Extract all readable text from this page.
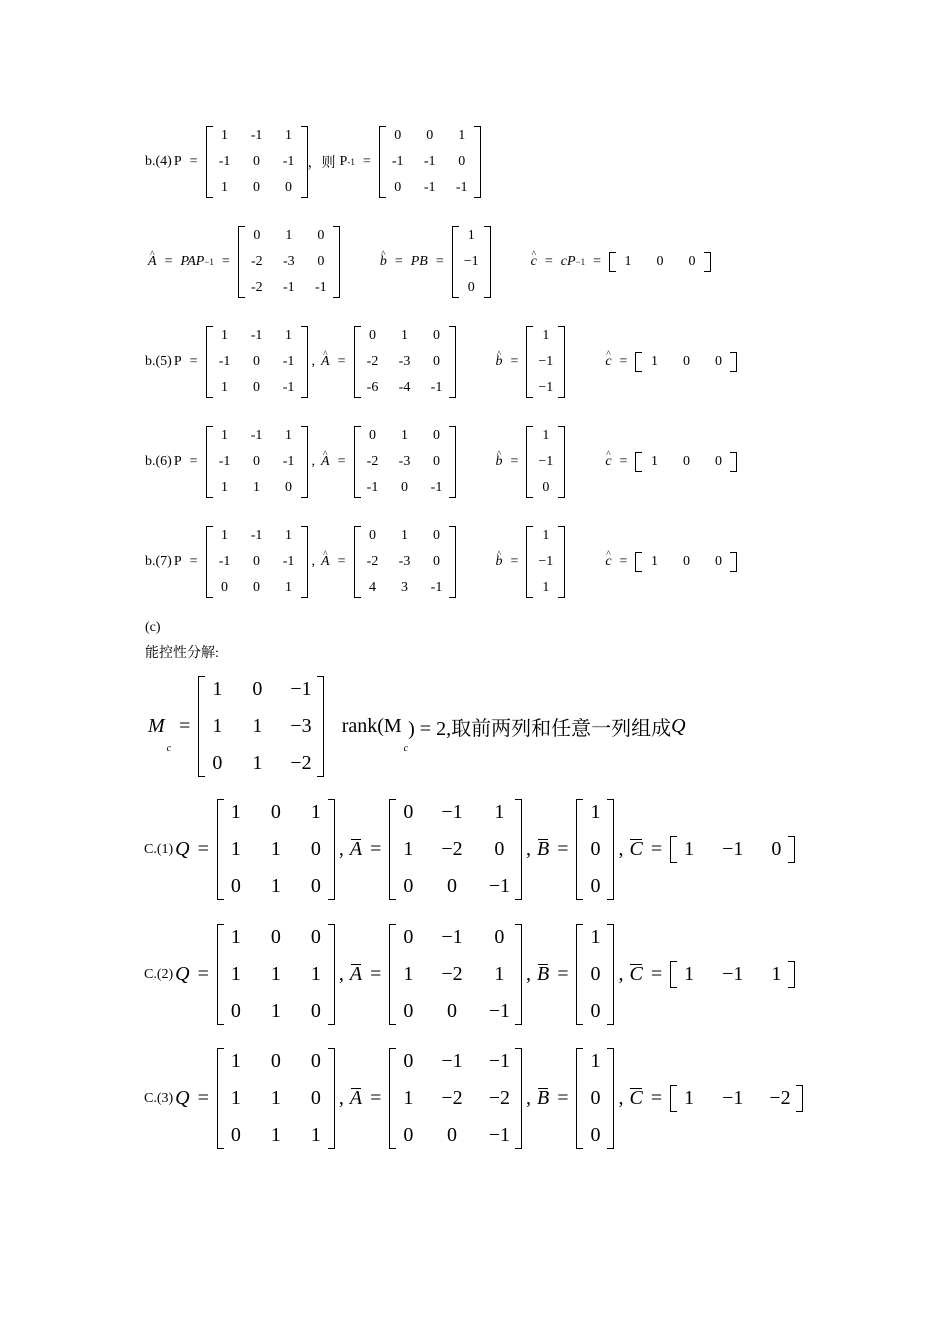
b.(4) P =
1 -1 1
-1 0 -1
1 0 0
，则 P -1 =
0 0 1
-1 -1 0
0 -1 -1
^ A = PAP −1 =
0 1 0
-2 -3 0
-2 -1 -1
^ b = PB =
1
−1
0
^ c = cP −1 = 1 0 0
b.(5) P =
1 -1 1
-1 0 -1
1 0 -1
, ^ A =
0 1 0
-2 -3 0
-6 -4 -1
^ b =
1
−1
−1
^ c = 1 0 0
b.(6) P =
1 -1 1
-1 0 -1
1 1 0
, ^ A =
0 1 0
-2 -3 0
-1 0 -1
^ b =
1
−1
0
^ c = 1 0 0
b.(7) P =
1 -1 1
-1 0 -1
0 0 1
, ^ A =
0 1 0
-2 -3 0
4 3 -1
^ b =
1
−1
1
^ c = 1 0 0
(c)
能控性分解:
M
c
=
1 0 −1
1 1 −3
0 1 −2
rank(M
c
) = 2,取前两列和任意一列组成 Q
C.(1) Q =
1 0 1
1 1 0
0 1 0
, A =
0 −1 1
1 −2 0
0 0 −1
, B =
1
0
0
, C = 1 −1 0
C.(2) Q =
1 0 0
1 1 1
0 1 0
, A =
0 −1 0
1 −2 1
0 0 −1
, B =
1
0
0
, C = 1 −1 1
C.(3) Q =
1 0 0
1 1 0
0 1 1
, A =
0 −1 −1
1 −2 −2
0 0 −1
, B =
1
0
0
, C = 1 −1 −2
